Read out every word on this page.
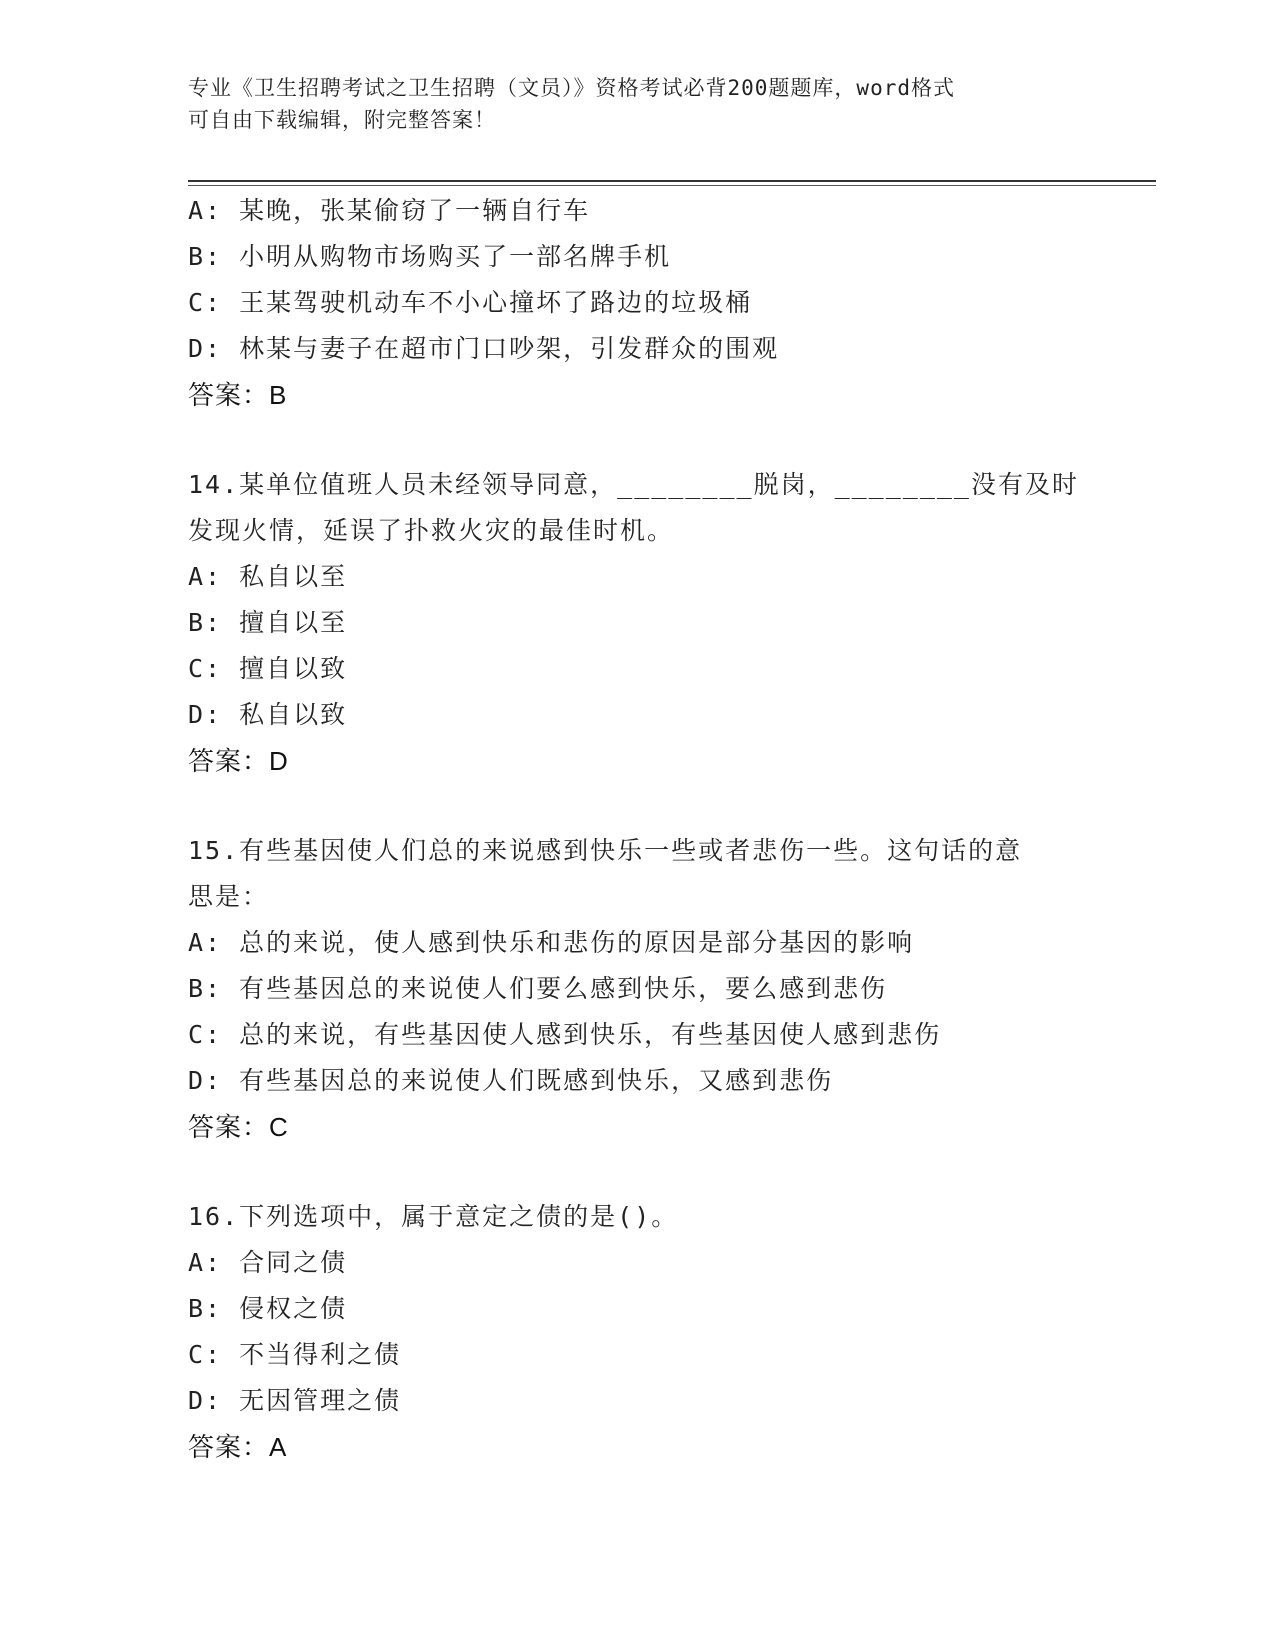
专业《卫生招聘考试之卫生招聘（文员）》资格考试必背200题题库，word格式
可自由下载编辑，附完整答案！
A: 某晚，张某偷窃了一辆自行车
B: 小明从购物市场购买了一部名牌手机
C: 王某驾驶机动车不小心撞坏了路边的垃圾桶
D: 林某与妻子在超市门口吵架，引发群众的围观
答案：B
14.某单位值班人员未经领导同意，________脱岗，________没有及时
发现火情，延误了扑救火灾的最佳时机。
A: 私自以至
B: 擅自以至
C: 擅自以致
D: 私自以致
答案：D
15.有些基因使人们总的来说感到快乐一些或者悲伤一些。这句话的意
思是：
A: 总的来说，使人感到快乐和悲伤的原因是部分基因的影响
B: 有些基因总的来说使人们要么感到快乐，要么感到悲伤
C: 总的来说，有些基因使人感到快乐，有些基因使人感到悲伤
D: 有些基因总的来说使人们既感到快乐，又感到悲伤
答案：C
16.下列选项中，属于意定之债的是()。
A: 合同之债
B: 侵权之债
C: 不当得利之债
D: 无因管理之债
答案：A
